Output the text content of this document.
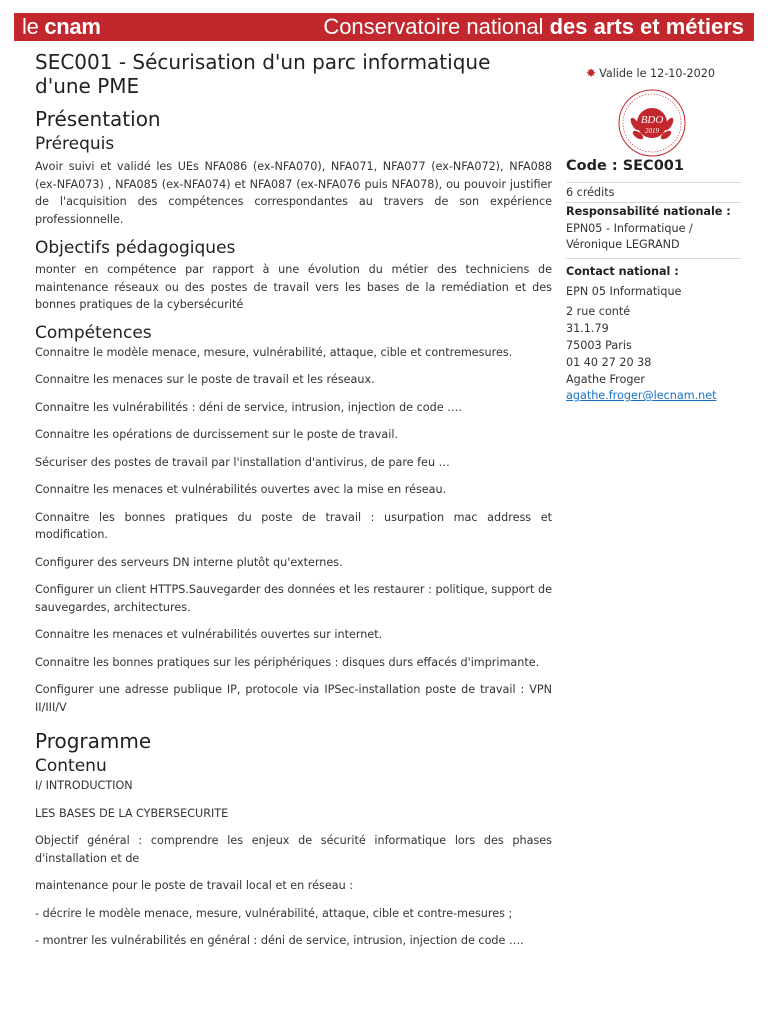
le cnam	Conservatoire national des arts et métiers
SEC001 - Sécurisation d'un parc informatique d'une PME
Présentation
Prérequis

Avoir suivi et validé les UEs NFA086 (ex-NFA070), NFA071, NFA077 (ex-NFA072), NFA088 (ex-NFA073) , NFA085 (ex-NFA074) et NFA087 (ex-NFA076 puis NFA078), ou pouvoir justifier de l'acquisition des compétences correspondantes au travers de son expérience professionnelle.

Objectifs pédagogiques

monter en compétence par rapport à une évolution du métier des techniciens de maintenance réseaux ou des postes de travail vers les bases de la remédiation et des bonnes pratiques de la cybersécurité

Compétences

Connaitre le modèle menace, mesure, vulnérabilité, attaque, cible et contremesures.

Connaitre les menaces sur le poste de travail et les réseaux.

Connaitre les vulnérabilités : déni de service, intrusion, injection de code ….

Connaitre les opérations de durcissement sur le poste de travail.

Sécuriser des postes de travail par l'installation d'antivirus, de pare feu …

Connaitre les menaces et vulnérabilités ouvertes avec la mise en réseau.

Connaitre les bonnes pratiques du poste de travail : usurpation mac address et modification.

Configurer des serveurs DN interne plutôt qu'externes.

Configurer un client HTTPS.Sauvegarder des données et les restaurer : politique, support de sauvegardes, architectures.

Connaitre les menaces et vulnérabilités ouvertes sur internet.

Connaitre les bonnes pratiques sur les périphériques : disques durs effacés d'imprimante.

Configurer une adresse publique IP, protocole via IPSec-installation poste de travail : VPN II/III/V

Programme
Contenu

I/ INTRODUCTION

LES BASES DE LA CYBERSECURITE

Objectif général : comprendre les enjeux de sécurité informatique lors des phases d'installation et de

maintenance pour le poste de travail local et en réseau :

- décrire le modèle menace, mesure, vulnérabilité, attaque, cible et contre-mesures ;

- montrer les vulnérabilités en général : déni de service, intrusion, injection de code ….

✸ Valide le 12-10-2020
BDO
2019
Code : SEC001
6 crédits
Responsabilité nationale :
EPN05 - Informatique /
Véronique LEGRAND
Contact national :
EPN 05 Informatique
2 rue conté
31.1.79
75003 Paris
01 40 27 20 38
Agathe Froger
agathe.froger@lecnam.net
